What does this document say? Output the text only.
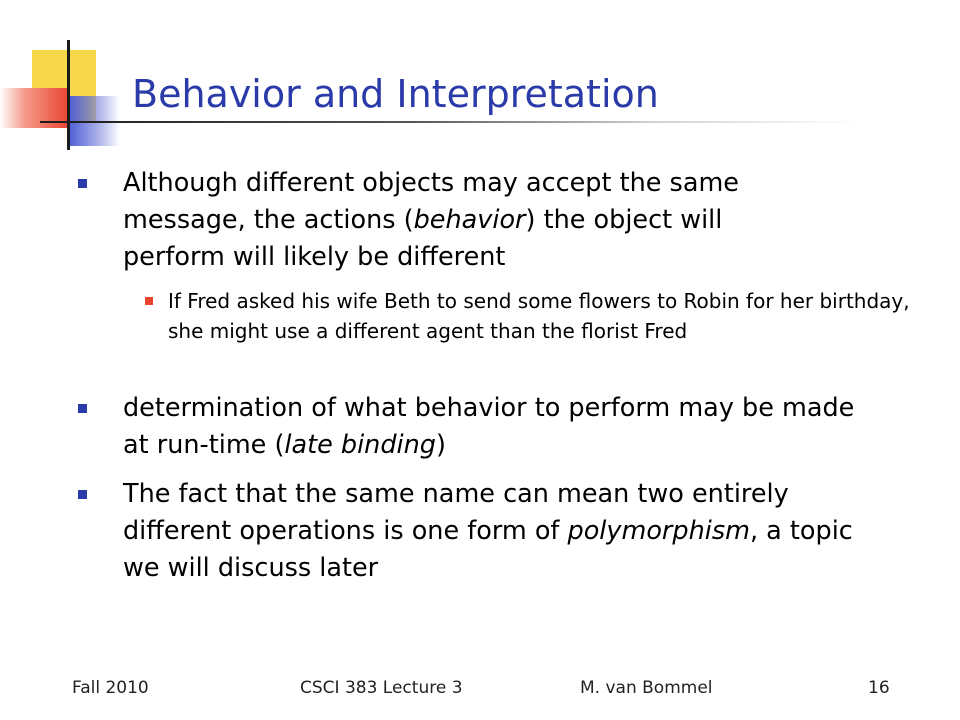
Behavior and Interpretation
Although different objects may accept the same message, the actions (behavior) the object will perform will likely be different
If Fred asked his wife Beth to send some flowers to Robin for her birthday, she might use a different agent than the florist Fred
determination of what behavior to perform may be made at run-time (late binding)
The fact that the same name can mean two entirely different operations is one form of polymorphism, a topic we will discuss later
Fall 2010	CSCI 383 Lecture 3	M. van Bommel	16
